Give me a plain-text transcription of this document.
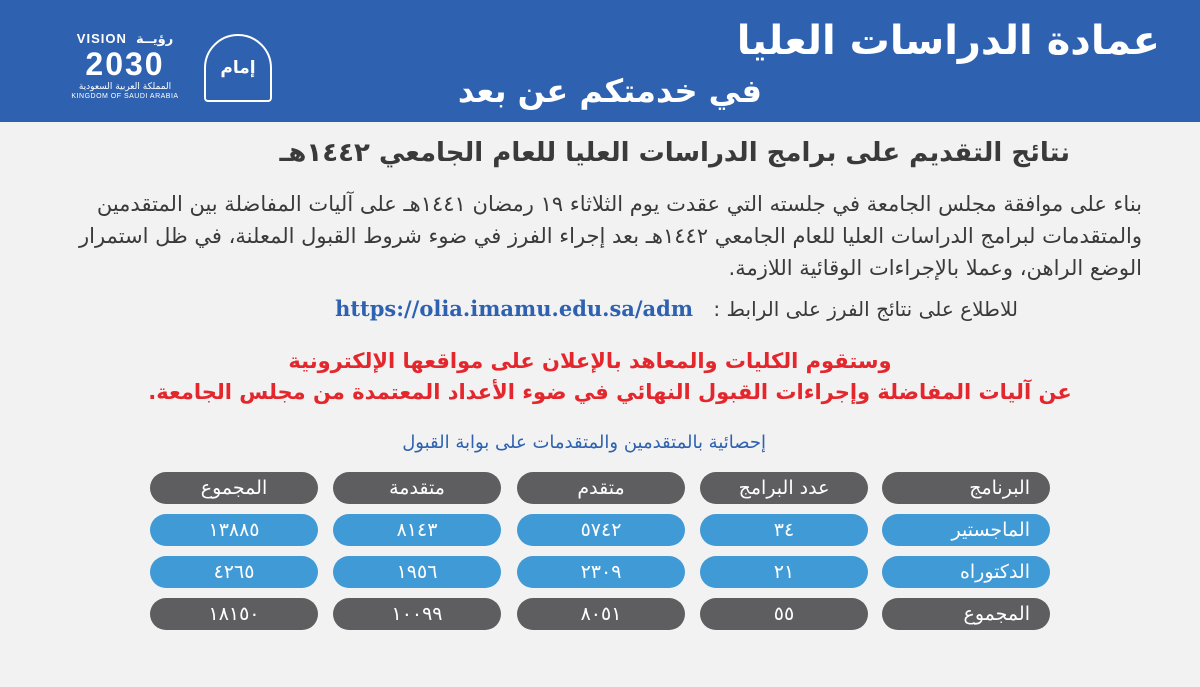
عمادة الدراسات العليا
في خدمتكم عن بعد
إمام
VISION رؤيــة
2030
المملكة العربية السعودية
KINGDOM OF SAUDI ARABIA
نتائج التقديم على برامج الدراسات العليا للعام الجامعي ١٤٤٢هـ
بناء على موافقة مجلس الجامعة في جلسته التي عقدت يوم الثلاثاء ١٩ رمضان ١٤٤١هـ على آليات المفاضلة بين المتقدمين والمتقدمات لبرامج الدراسات العليا للعام الجامعي ١٤٤٢هـ بعد إجراء الفرز في ضوء شروط القبول المعلنة، في ظل استمرار الوضع الراهن، وعملا بالإجراءات الوقائية اللازمة.
للاطلاع على نتائج الفرز على الرابط : https://olia.imamu.edu.sa/adm
وستقوم الكليات والمعاهد بالإعلان على مواقعها الإلكترونية
عن آليات المفاضلة وإجراءات القبول النهائي في ضوء الأعداد المعتمدة من مجلس الجامعة.
إحصائية بالمتقدمين والمتقدمات على بوابة القبول
البرنامج
عدد البرامج
متقدم
متقدمة
المجموع
الماجستير
٣٤
٥٧٤٢
٨١٤٣
١٣٨٨٥
الدكتوراه
٢١
٢٣٠٩
١٩٥٦
٤٢٦٥
المجموع
٥٥
٨٠٥١
١٠٠٩٩
١٨١٥٠
